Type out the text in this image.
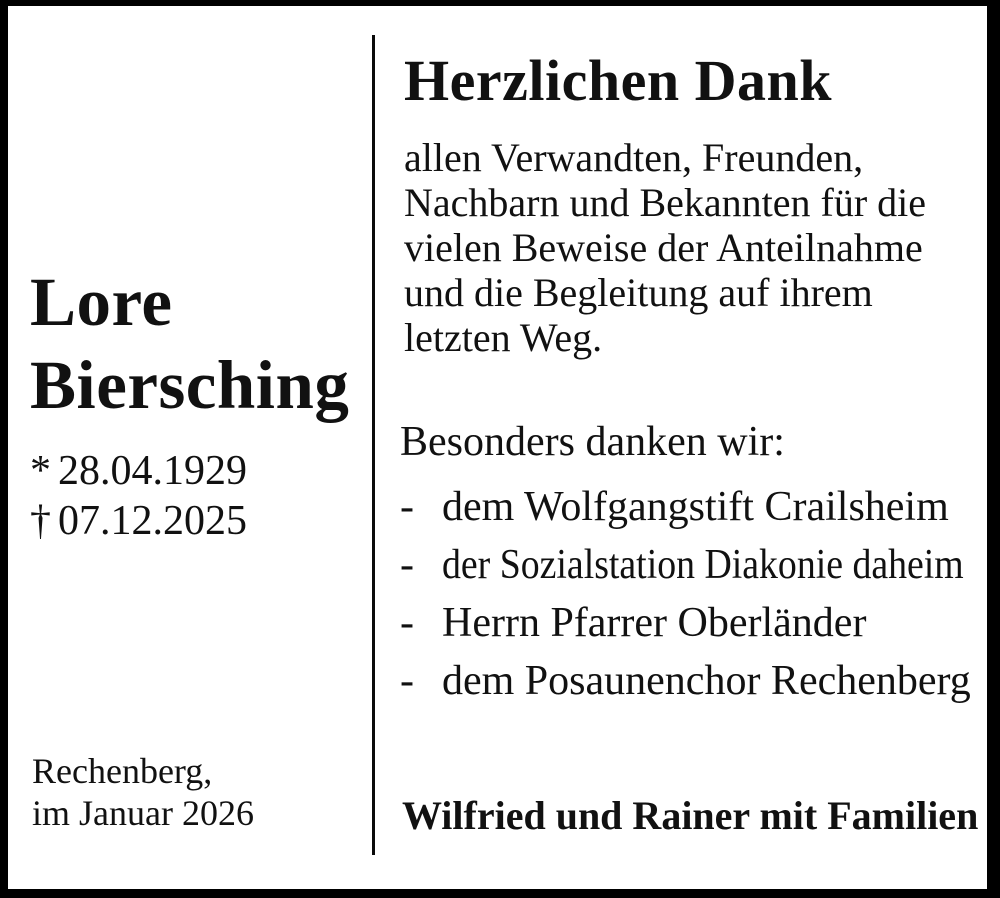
Lore
Biersching
* 28.04.1929
† 07.12.2025
Rechenberg,
im Januar 2026
Herzlichen Dank
allen Verwandten, Freunden,
Nachbarn und Bekannten für die
vielen Beweise der Anteilnahme
und die Begleitung auf ihrem
letzten Weg.
Besonders danken wir:
- dem Wolfgangstift Crailsheim
- der Sozialstation Diakonie daheim
- Herrn Pfarrer Oberländer
- dem Posaunenchor Rechenberg
Wilfried und Rainer mit Familien
